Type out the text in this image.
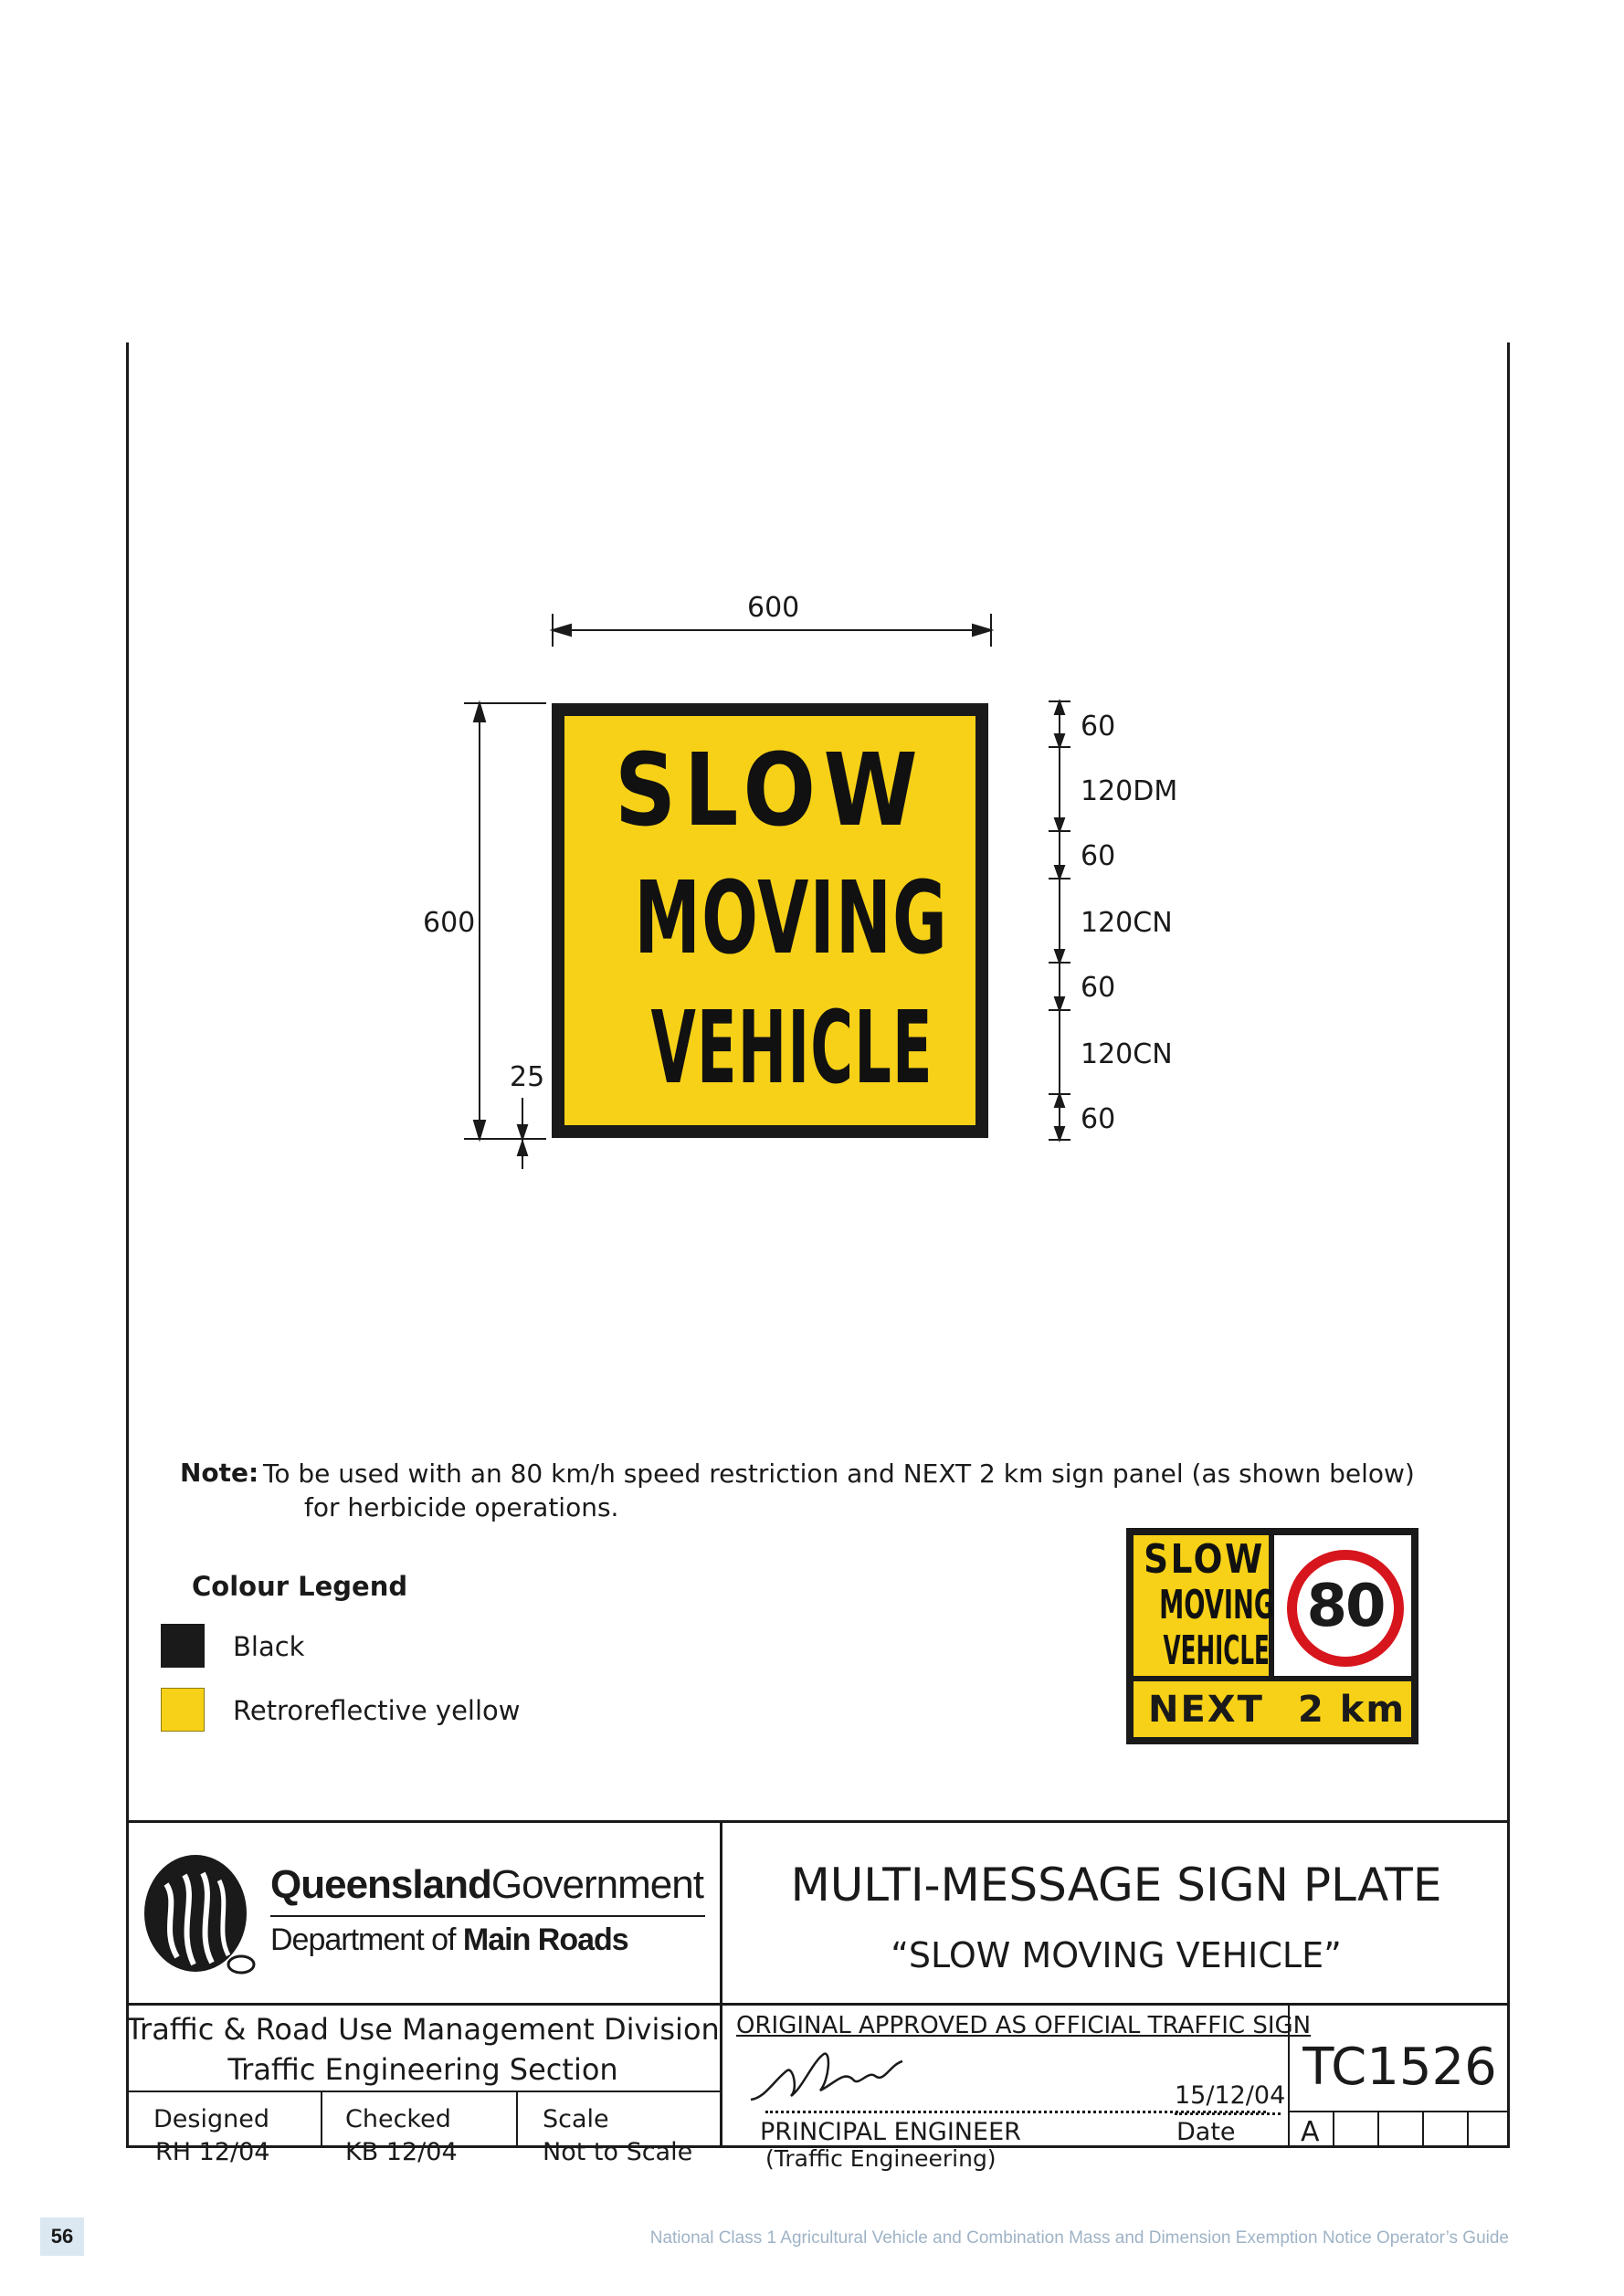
600
600
25
60
120DM
60
120CN
60
120CN
60
SLOW
MOVING
VEHICLE
Note: To be used with an 80 km/h speed restriction and NEXT 2 km sign panel (as shown below)
for herbicide operations.
Colour Legend
Black
Retroreflective yellow
SLOW
MOVING
VEHICLE
80
NEXT 2 km
QueenslandGovernment
Department of Main Roads
MULTI-MESSAGE SIGN PLATE
“SLOW MOVING VEHICLE”
Traffic & Road Use Management Division
Traffic Engineering Section
Designed
RH 12/04
Checked
KB 12/04
Scale
Not to Scale
ORIGINAL APPROVED AS OFFICIAL TRAFFIC SIGN
15/12/04
Date
PRINCIPAL ENGINEER
(Traffic Engineering)
TC1526
A
56	National Class 1 Agricultural Vehicle and Combination Mass and Dimension Exemption Notice Operator’s Guide
